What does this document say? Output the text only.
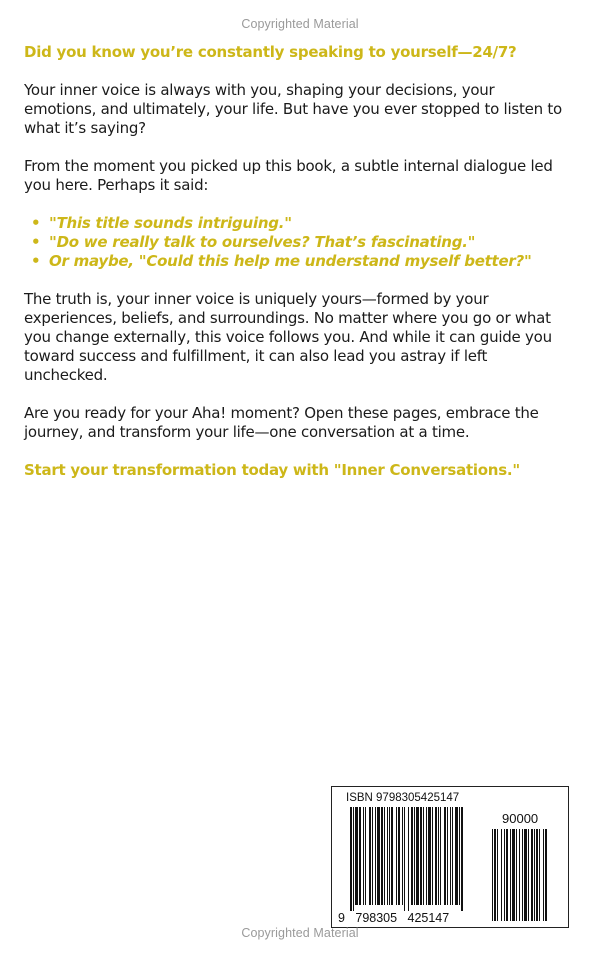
Copyrighted Material

Did you know you’re constantly speaking to yourself—24/7?

Your inner voice is always with you, shaping your decisions, your emotions, and ultimately, your life. But have you ever stopped to listen to what it’s saying?

From the moment you picked up this book, a subtle internal dialogue led you here. Perhaps it said:

• "This title sounds intriguing."
• "Do we really talk to ourselves? That’s fascinating."
• Or maybe, "Could this help me understand myself better?"

The truth is, your inner voice is uniquely yours—formed by your experiences, beliefs, and surroundings. No matter where you go or what you change externally, this voice follows you. And while it can guide you toward success and fulfillment, it can also lead you astray if left unchecked.

Are you ready for your Aha! moment? Open these pages, embrace the journey, and transform your life—one conversation at a time.

Start your transformation today with "Inner Conversations."

ISBN 9798305425147
90000
9   798305   425147
Copyrighted Material
